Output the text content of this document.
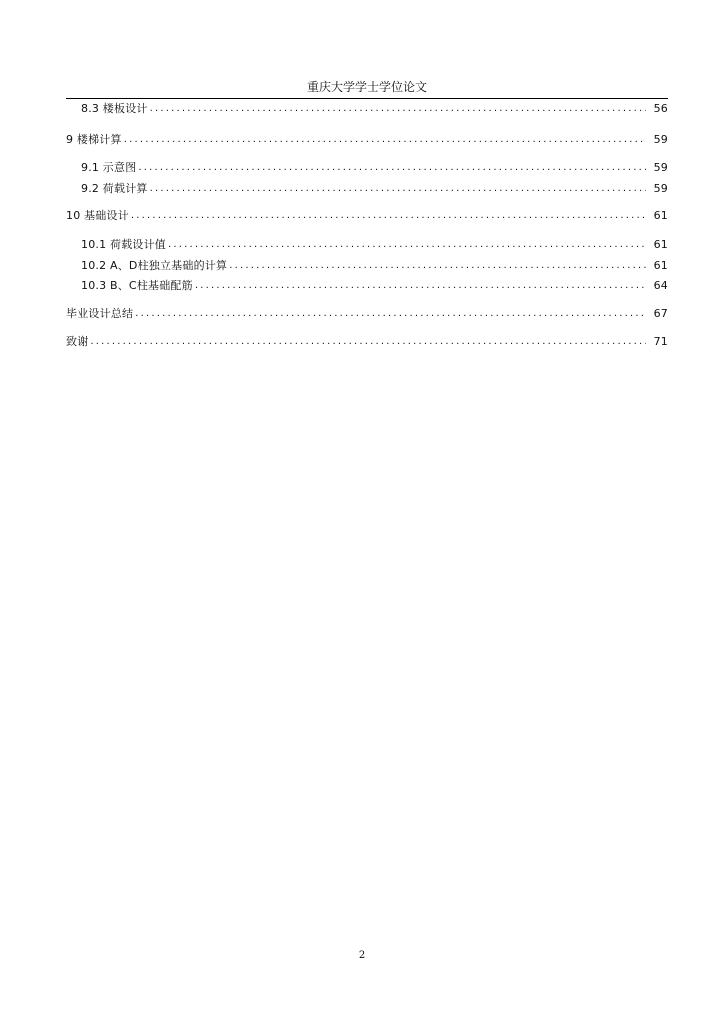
重庆大学学士学位论文
8.3 楼板设计 .....	56
9 楼梯计算 .....	59
9.1 示意图 .....	59
9.2 荷载计算 .....	59
10 基础设计 .....	61
10.1 荷载设计值 .....	61
10.2 A、D柱独立基础的计算 .....	61
10.3 B、C柱基础配筋 .....	64
毕业设计总结 .....	67
致谢 .....	71
2
